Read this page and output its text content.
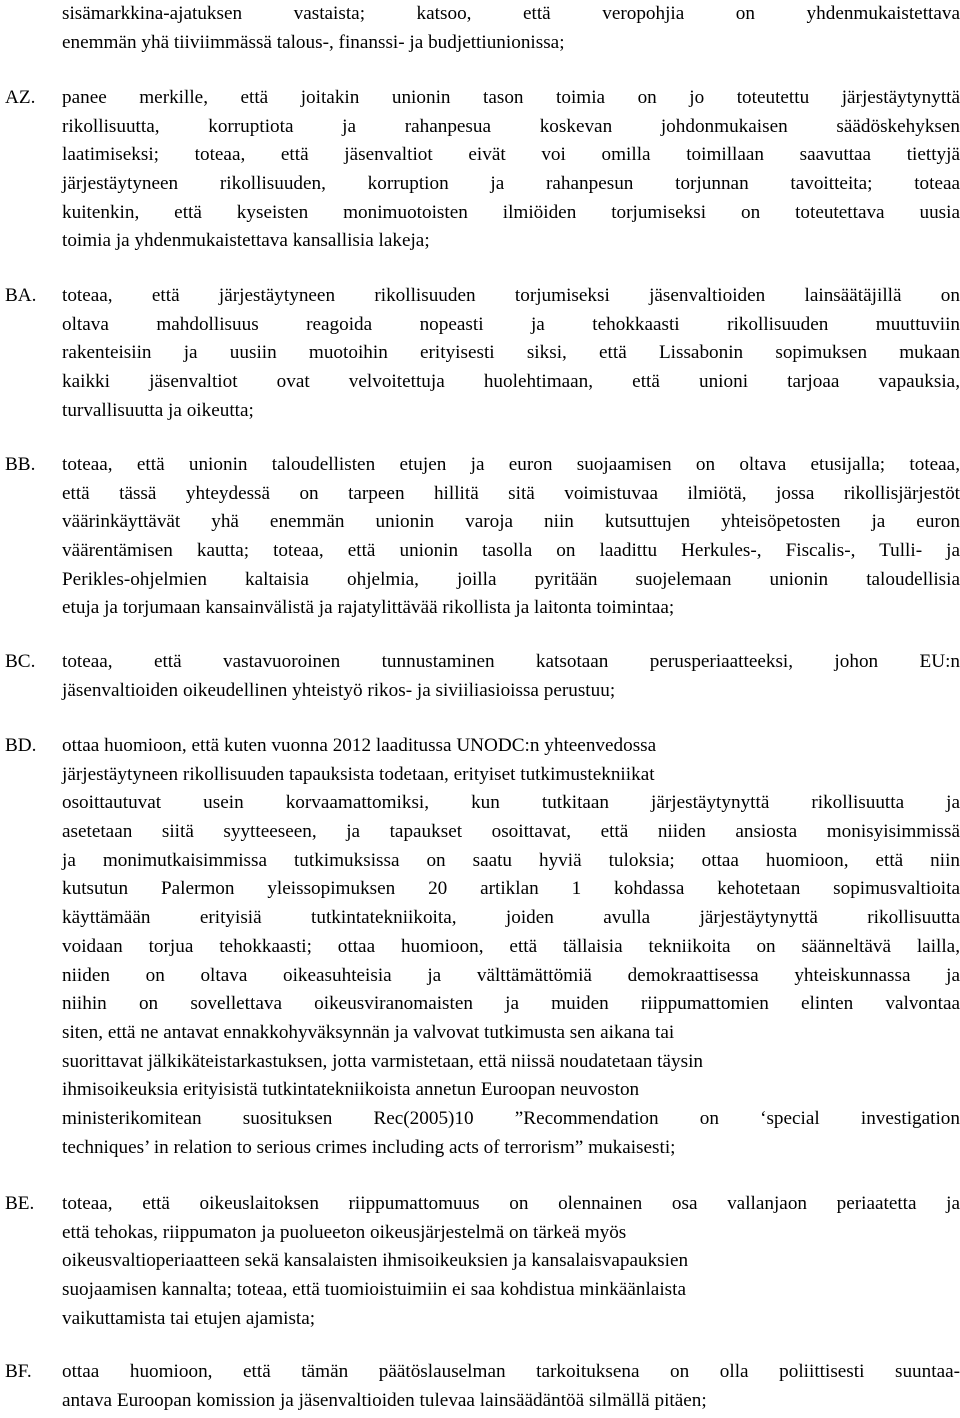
sisämarkkina-ajatuksen vastaista; katsoo, että veropohjia on yhdenmukaistettava
enemmän yhä tiiviimmässä talous-, finanssi- ja budjettiunionissa;
AZ. panee merkille, että joitakin unionin tason toimia on jo toteutettu järjestäytynyttä
rikollisuutta, korruptiota ja rahanpesua koskevan johdonmukaisen säädöskehyksen
laatimiseksi; toteaa, että jäsenvaltiot eivät voi omilla toimillaan saavuttaa tiettyjä
järjestäytyneen rikollisuuden, korruption ja rahanpesun torjunnan tavoitteita; toteaa
kuitenkin, että kyseisten monimuotoisten ilmiöiden torjumiseksi on toteutettava uusia
toimia ja yhdenmukaistettava kansallisia lakeja;
BA. toteaa, että järjestäytyneen rikollisuuden torjumiseksi jäsenvaltioiden lainsäätäjillä on
oltava mahdollisuus reagoida nopeasti ja tehokkaasti rikollisuuden muuttuviin
rakenteisiin ja uusiin muotoihin erityisesti siksi, että Lissabonin sopimuksen mukaan
kaikki jäsenvaltiot ovat velvoitettuja huolehtimaan, että unioni tarjoaa vapauksia,
turvallisuutta ja oikeutta;
BB. toteaa, että unionin taloudellisten etujen ja euron suojaamisen on oltava etusijalla; toteaa,
että tässä yhteydessä on tarpeen hillitä sitä voimistuvaa ilmiötä, jossa rikollisjärjestöt
väärinkäyttävät yhä enemmän unionin varoja niin kutsuttujen yhteisöpetosten ja euron
väärentämisen kautta; toteaa, että unionin tasolla on laadittu Herkules-, Fiscalis-, Tulli- ja
Perikles-ohjelmien kaltaisia ohjelmia, joilla pyritään suojelemaan unionin taloudellisia
etuja ja torjumaan kansainvälistä ja rajatylittävää rikollista ja laitonta toimintaa;
BC. toteaa, että vastavuoroinen tunnustaminen katsotaan perusperiaatteeksi, johon EU:n
jäsenvaltioiden oikeudellinen yhteistyö rikos- ja siviiliasioissa perustuu;
BD. ottaa huomioon, että kuten vuonna 2012 laaditussa UNODC:n yhteenvedossa
järjestäytyneen rikollisuuden tapauksista todetaan, erityiset tutkimustekniikat
osoittautuvat usein korvaamattomiksi, kun tutkitaan järjestäytynyttä rikollisuutta ja
asetetaan siitä syytteeseen, ja tapaukset osoittavat, että niiden ansiosta monisyisimmissä
ja monimutkaisimmissa tutkimuksissa on saatu hyviä tuloksia; ottaa huomioon, että niin
kutsutun Palermon yleissopimuksen 20 artiklan 1 kohdassa kehotetaan sopimusvaltioita
käyttämään erityisiä tutkintatekniikoita, joiden avulla järjestäytynyttä rikollisuutta
voidaan torjua tehokkaasti; ottaa huomioon, että tällaisia tekniikoita on säänneltävä lailla,
niiden on oltava oikeasuhteisia ja välttämättömiä demokraattisessa yhteiskunnassa ja
niihin on sovellettava oikeusviranomaisten ja muiden riippumattomien elinten valvontaa
siten, että ne antavat ennakkohyväksynnän ja valvovat tutkimusta sen aikana tai
suorittavat jälkikäteistarkastuksen, jotta varmistetaan, että niissä noudatetaan täysin
ihmisoikeuksia erityisistä tutkintatekniikoista annetun Euroopan neuvoston
ministerikomitean suosituksen Rec(2005)10 ”Recommendation on ‘special investigation
techniques’ in relation to serious crimes including acts of terrorism” mukaisesti;
BE. toteaa, että oikeuslaitoksen riippumattomuus on olennainen osa vallanjaon periaatetta ja
että tehokas, riippumaton ja puolueeton oikeusjärjestelmä on tärkeä myös
oikeusvaltioperiaatteen sekä kansalaisten ihmisoikeuksien ja kansalaisvapauksien
suojaamisen kannalta; toteaa, että tuomioistuimiin ei saa kohdistua minkäänlaista
vaikuttamista tai etujen ajamista;
BF. ottaa huomioon, että tämän päätöslauselman tarkoituksena on olla poliittisesti suuntaa-
antava Euroopan komission ja jäsenvaltioiden tulevaa lainsäädäntöä silmällä pitäen;
